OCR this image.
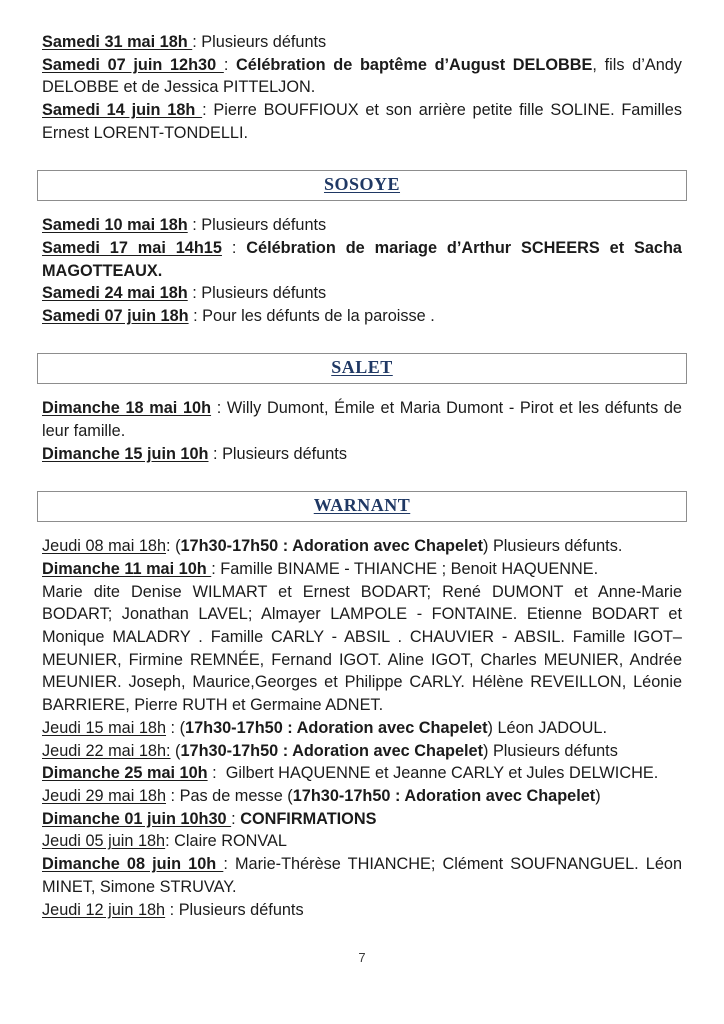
Samedi 31 mai 18h : Plusieurs défunts

Samedi 07 juin 12h30 : Célébration de baptême d’August DELOBBE, fils d’Andy DELOBBE et de Jessica PITTELJON.

Samedi 14 juin 18h : Pierre BOUFFIOUX et son arrière petite fille SOLINE. Familles Ernest LORENT-TONDELLI.

SOSOYE

Samedi 10 mai 18h : Plusieurs défunts

Samedi 17 mai 14h15 : Célébration de mariage d’Arthur SCHEERS et Sacha MAGOTTEAUX.

Samedi 24 mai 18h : Plusieurs défunts

Samedi 07 juin 18h : Pour les défunts de la paroisse .

SALET

Dimanche 18 mai 10h : Willy Dumont, Émile et Maria Dumont - Pirot et les défunts de leur famille.

Dimanche 15 juin 10h : Plusieurs défunts

WARNANT

Jeudi 08 mai 18h: (17h30-17h50 : Adoration avec Chapelet) Plusieurs défunts.

Dimanche 11 mai 10h : Famille BINAME - THIANCHE ; Benoit HAQUENNE.

Marie dite Denise WILMART et Ernest BODART; René DUMONT et Anne-Marie BODART; Jonathan LAVEL; Almayer LAMPOLE - FONTAINE. Etienne BODART et Monique MALADRY . Famille CARLY - ABSIL . CHAUVIER - ABSIL. Famille IGOT–MEUNIER, Firmine REMNÉE, Fernand IGOT. Aline IGOT, Charles MEUNIER, Andrée MEUNIER. Joseph, Maurice,Georges et Philippe CARLY. Hélène REVEILLON, Léonie BARRIERE, Pierre RUTH et Germaine ADNET.

Jeudi 15 mai 18h : (17h30-17h50 : Adoration avec Chapelet) Léon JADOUL.

Jeudi 22 mai 18h: (17h30-17h50 : Adoration avec Chapelet) Plusieurs défunts

Dimanche 25 mai 10h :  Gilbert HAQUENNE et Jeanne CARLY et Jules DELWICHE.

Jeudi 29 mai 18h : Pas de messe (17h30-17h50 : Adoration avec Chapelet)

Dimanche 01 juin 10h30 : CONFIRMATIONS

Jeudi 05 juin 18h: Claire RONVAL

Dimanche 08 juin 10h : Marie-Thérèse THIANCHE; Clément SOUFNANGUEL. Léon MINET, Simone STRUVAY.

Jeudi 12 juin 18h : Plusieurs défunts

7
